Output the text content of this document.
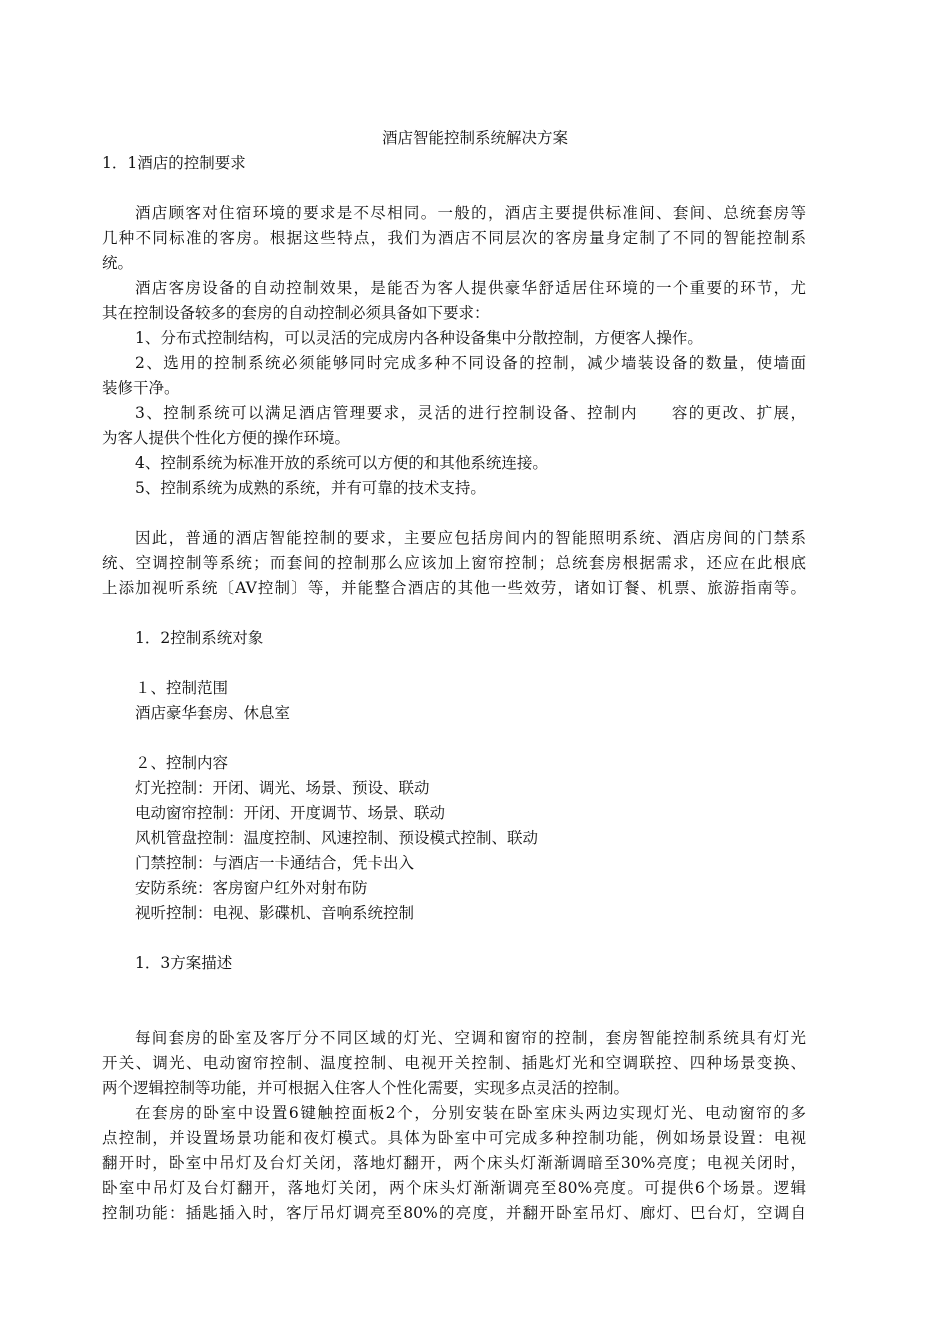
酒店智能控制系统解决方案
1．1酒店的控制要求
酒店顾客对住宿环境的要求是不尽相同。一般的，酒店主要提供标准间、套间、总统套房等
几种不同标准的客房。根据这些特点，我们为酒店不同层次的客房量身定制了不同的智能控制系
统。
酒店客房设备的自动控制效果，是能否为客人提供豪华舒适居住环境的一个重要的环节，尤
其在控制设备较多的套房的自动控制必须具备如下要求：
1、分布式控制结构，可以灵活的完成房内各种设备集中分散控制，方便客人操作。
2、选用的控制系统必须能够同时完成多种不同设备的控制，减少墙装设备的数量，使墙面
装修干净。
3、控制系统可以满足酒店管理要求，灵活的进行控制设备、控制内　　容的更改、扩展，
为客人提供个性化方便的操作环境。
4、控制系统为标准开放的系统可以方便的和其他系统连接。
5、控制系统为成熟的系统，并有可靠的技术支持。
因此，普通的酒店智能控制的要求，主要应包括房间内的智能照明系统、酒店房间的门禁系
统、空调控制等系统；而套间的控制那么应该加上窗帘控制；总统套房根据需求，还应在此根底
上添加视听系统〔AV控制〕等，并能整合酒店的其他一些效劳，诸如订餐、机票、旅游指南等。
1．2控制系统对象
１、控制范围
酒店豪华套房、休息室
２、控制内容
灯光控制：开闭、调光、场景、预设、联动
电动窗帘控制：开闭、开度调节、场景、联动
风机管盘控制：温度控制、风速控制、预设模式控制、联动
门禁控制：与酒店一卡通结合，凭卡出入
安防系统：客房窗户红外对射布防
视听控制：电视、影碟机、音响系统控制
1．3方案描述
每间套房的卧室及客厅分不同区域的灯光、空调和窗帘的控制，套房智能控制系统具有灯光
开关、调光、电动窗帘控制、温度控制、电视开关控制、插匙灯光和空调联控、四种场景变换、
两个逻辑控制等功能，并可根据入住客人个性化需要，实现多点灵活的控制。
在套房的卧室中设置6键触控面板2个，分别安装在卧室床头两边实现灯光、电动窗帘的多
点控制，并设置场景功能和夜灯模式。具体为卧室中可完成多种控制功能，例如场景设置：电视
翻开时，卧室中吊灯及台灯关闭，落地灯翻开，两个床头灯渐渐调暗至30%亮度；电视关闭时，
卧室中吊灯及台灯翻开，落地灯关闭，两个床头灯渐渐调亮至80%亮度。可提供6个场景。逻辑
控制功能：插匙插入时，客厅吊灯调亮至80%的亮度，并翻开卧室吊灯、廊灯、巴台灯，空调自
